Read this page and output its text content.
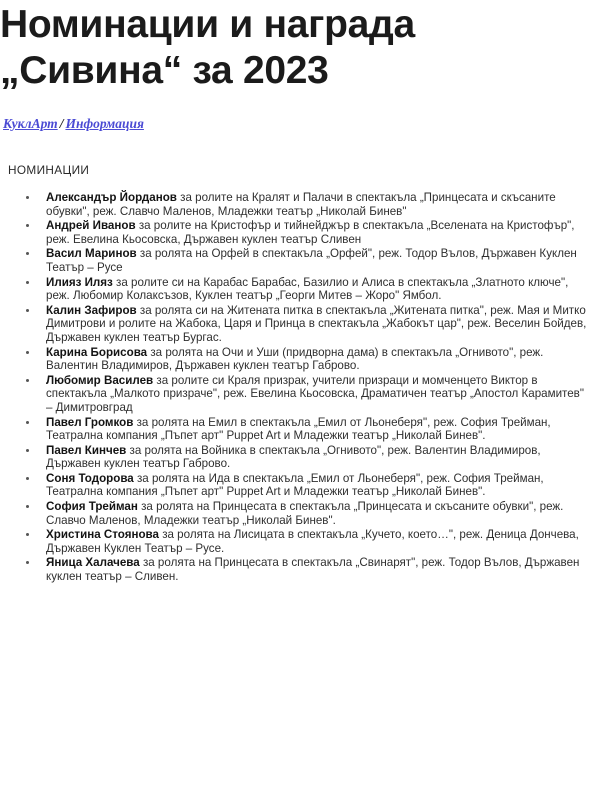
Номинации и награда
„Сивина“ за 2023
КуклАрт / Информация
НОМИНАЦИИ
Александър Йорданов за ролите на Кралят и Палачи в спектакъла „Принцесата и скъсаните обувки", реж. Славчо Маленов, Младежки театър „Николай Бинев"
Андрей Иванов за ролите на Кристофър и тийнейджър в спектакъла „Вселената на Кристофър", реж. Евелина Кьосовска, Държавен куклен театър Сливен
Васил Маринов за ролята на Орфей в спектакъла „Орфей", реж. Тодор Вълов, Държавен Куклен Театър – Русе
Илияз Иляз за ролите си на Карабас Барабас, Базилио и Алиса в спектакъла „Златното ключе", реж. Любомир Колаксъзов, Куклен театър „Георги Митев – Жоро" Ямбол.
Калин Зафиров за ролята си на Житената питка в спектакъла „Житената питка", реж. Мая и Митко Димитрови и ролите на Жабока, Царя и Принца в спектакъла „Жабокът цар", реж. Веселин Бойдев, Държавен куклен театър Бургас.
Карина Борисова за ролята на Очи и Уши (придворна дама) в спектакъла „Огнивото", реж. Валентин Владимиров, Държавен куклен театър Габрово.
Любомир Василев за ролите си Краля призрак, учители призраци и момченцето Виктор в спектакъла „Малкото призраче", реж. Евелина Кьосовска, Драматичен театър „Апостол Карамитев" – Димитровград
Павел Громков за ролята на Емил в спектакъла „Емил от Льонеберя", реж. София Трейман, Театрална компания „Пъпет арт" Puppet Art и Младежки театър „Николай Бинев".
Павел Кинчев за ролята на Войника в спектакъла „Огнивото", реж. Валентин Владимиров, Държавен куклен театър Габрово.
Соня Тодорова за ролята на Ида в спектакъла „Емил от Льонеберя", реж. София Трейман, Театрална компания „Пъпет арт" Puppet Art и Младежки театър „Николай Бинев".
София Трейман за ролята на Принцесата в спектакъла „Принцесата и скъсаните обувки", реж. Славчо Маленов, Младежки театър „Николай Бинев".
Христина Стоянова за ролята на Лисицата в спектакъла „Кучето, което…", реж. Деница Дончева, Държавен Куклен Театър – Русе.
Яница Халачева за ролята на Принцесата в спектакъла „Свинарят", реж. Тодор Вълов, Държавен куклен театър – Сливен.
